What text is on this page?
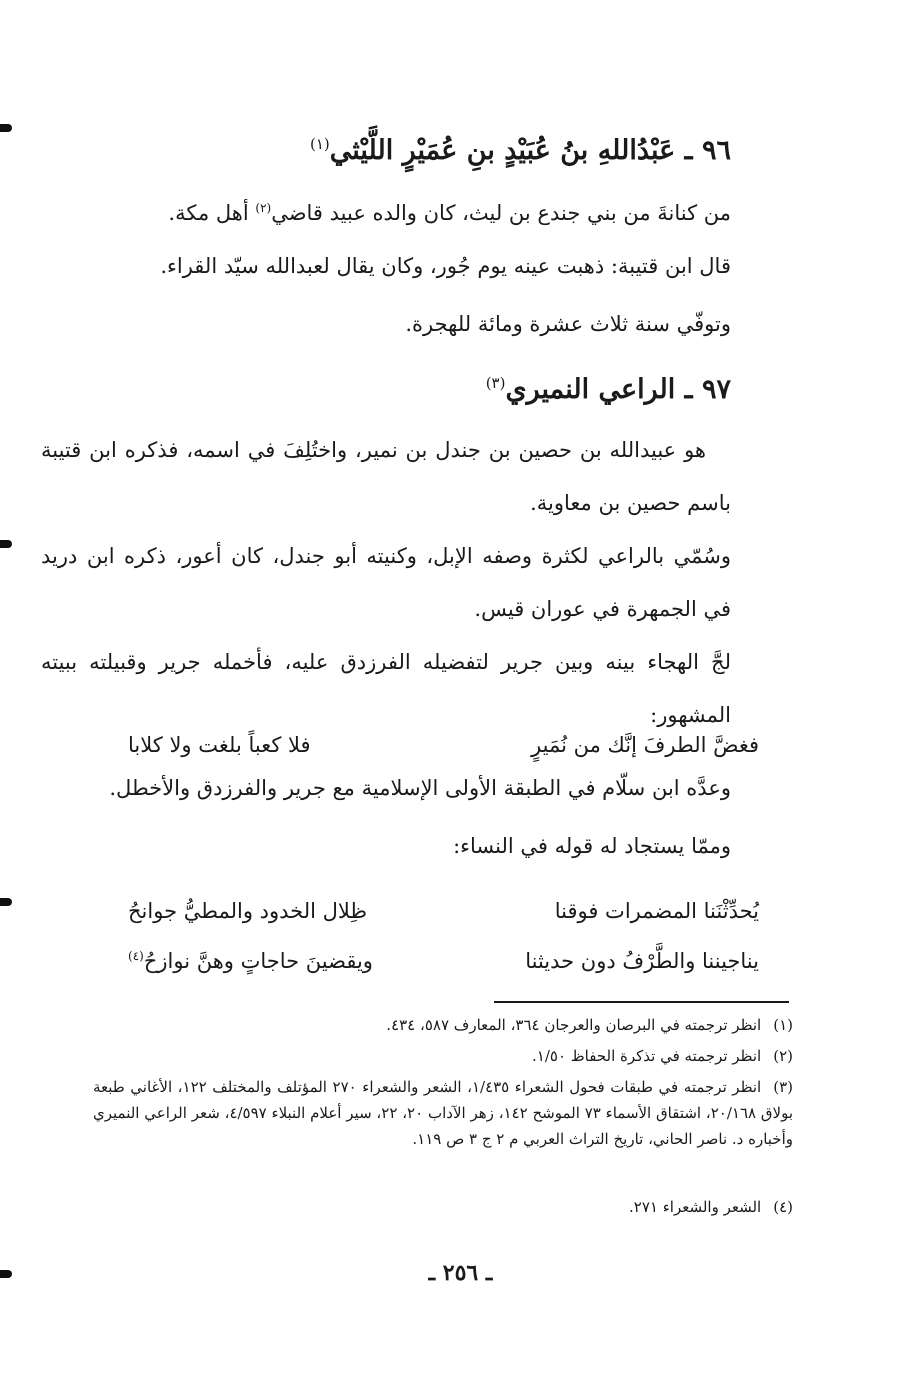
٩٦ ـ عَبْدُاللهِ بنُ عُبَيْدٍ بنِ عُمَيْرٍ اللَّيْثي$^{(١)}$

من كنانةَ من بني جندع بن ليث، كان والده عبيد قاضي$^{(٢)}$ أهل مكة.

قال ابن قتيبة: ذهبت عينه يوم جُور، وكان يقال لعبدالله سيّد القراء.

وتوفّي سنة ثلاث عشرة ومائة للهجرة.

٩٧ ـ الراعي النميري$^{(٣)}$

هو عبيدالله بن حصين بن جندل بن نمير، واختُلِفَ في اسمه، فذكره ابن قتيبة باسم حصين بن معاوية.

وسُمّي بالراعي لكثرة وصفه الإبل، وكنيته أبو جندل، كان أعور، ذكره ابن دريد في الجمهرة في عوران قيس.

لجَّ الهجاء بينه وبين جرير لتفضيله الفرزدق عليه، فأخمله جرير وقبيلته ببيته المشهور:

فغضَّ الطرفَ إنَّك من نُمَيرٍ
فلا كعباً بلغت ولا كلابا

وعدَّه ابن سلّام في الطبقة الأولى الإسلامية مع جرير والفرزدق والأخطل.

وممّا يستجاد له قوله في النساء:

يُحدِّثْنَنا المضمرات فوقنا
ظِلال الخدود والمطيُّ جوانحُ
يناجيننا والطَّرْفُ دون حديثنا
ويقضينَ حاجاتٍ وهنَّ نوازحُ$^{(٤)}$

(١)انظر ترجمته في البرصان والعرجان ٣٦٤، المعارف ٥٨٧، ٤٣٤.

(٢)انظر ترجمته في تذكرة الحفاظ ١/٥٠.

(٣)انظر ترجمته في طبقات فحول الشعراء ١/٤٣٥، الشعر والشعراء ٢٧٠ المؤتلف والمختلف ١٢٢، الأغاني طبعة بولاق ٢٠/١٦٨، اشتقاق الأسماء ٧٣ الموشح ١٤٢، زهر الآداب ٢٠، ٢٢، سير أعلام النبلاء ٤/٥٩٧، شعر الراعي النميري وأخباره د. ناصر الحاني، تاريخ التراث العربي م ٢ ج ٣ ص ١١٩.

(٤)الشعر والشعراء ٢٧١.

ـ ٢٥٦ ـ
